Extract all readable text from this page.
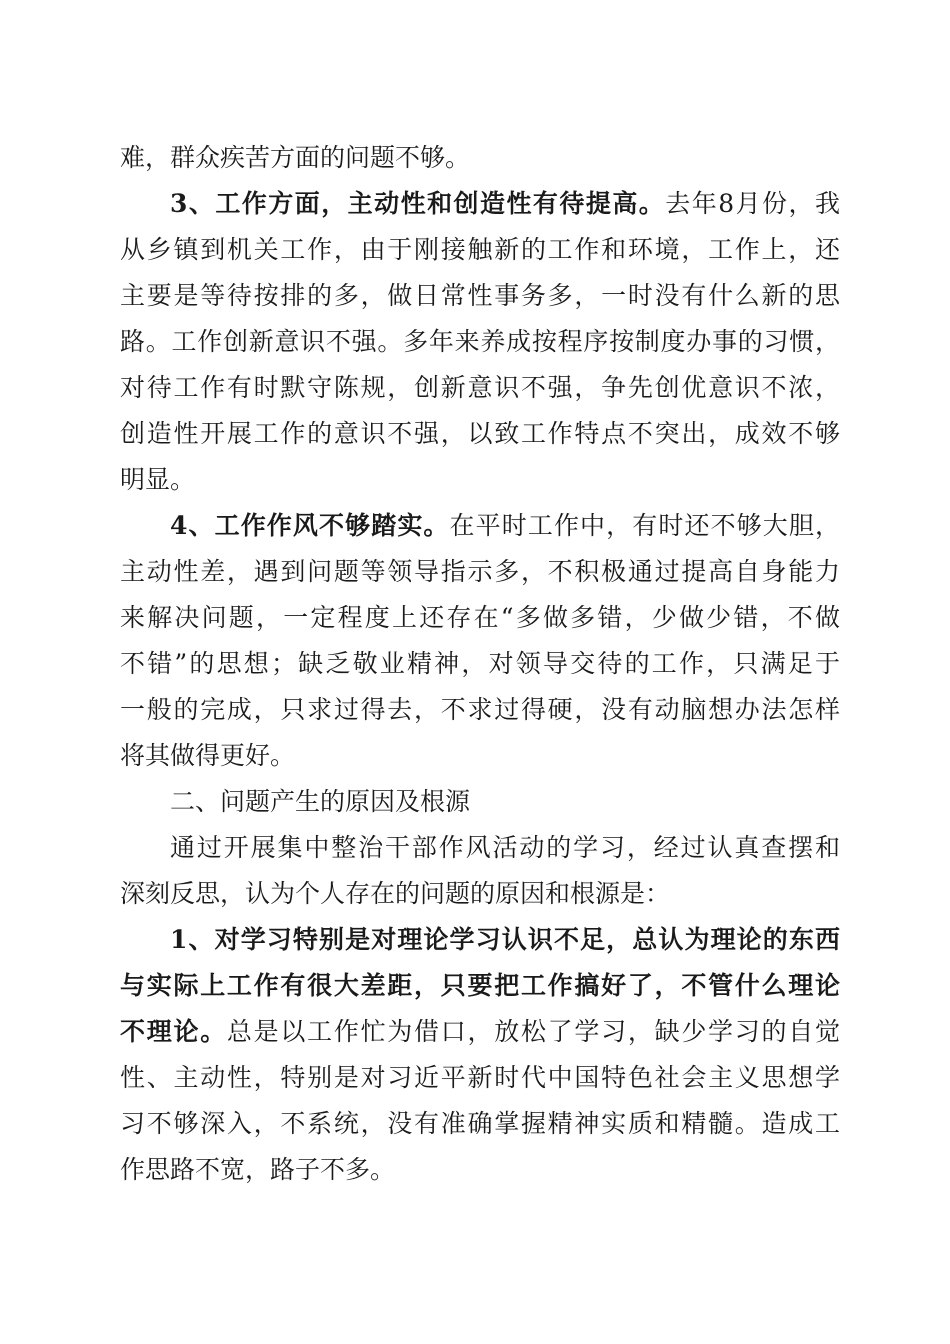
难，群众疾苦方面的问题不够。
3、工作方面，主动性和创造性有待提高。去年8月份，我
从乡镇到机关工作，由于刚接触新的工作和环境，工作上，还
主要是等待按排的多，做日常性事务多，一时没有什么新的思
路。工作创新意识不强。多年来养成按程序按制度办事的习惯，
对待工作有时默守陈规，创新意识不强，争先创优意识不浓，
创造性开展工作的意识不强，以致工作特点不突出，成效不够
明显。
4、工作作风不够踏实。在平时工作中，有时还不够大胆，
主动性差，遇到问题等领导指示多，不积极通过提高自身能力
来解决问题，一定程度上还存在“多做多错，少做少错，不做
不错”的思想；缺乏敬业精神，对领导交待的工作，只满足于
一般的完成，只求过得去，不求过得硬，没有动脑想办法怎样
将其做得更好。
二、问题产生的原因及根源
通过开展集中整治干部作风活动的学习，经过认真查摆和
深刻反思，认为个人存在的问题的原因和根源是：
1、对学习特别是对理论学习认识不足，总认为理论的东西
与实际上工作有很大差距，只要把工作搞好了，不管什么理论
不理论。总是以工作忙为借口，放松了学习，缺少学习的自觉
性、主动性，特别是对习近平新时代中国特色社会主义思想学
习不够深入，不系统，没有准确掌握精神实质和精髓。造成工
作思路不宽，路子不多。
